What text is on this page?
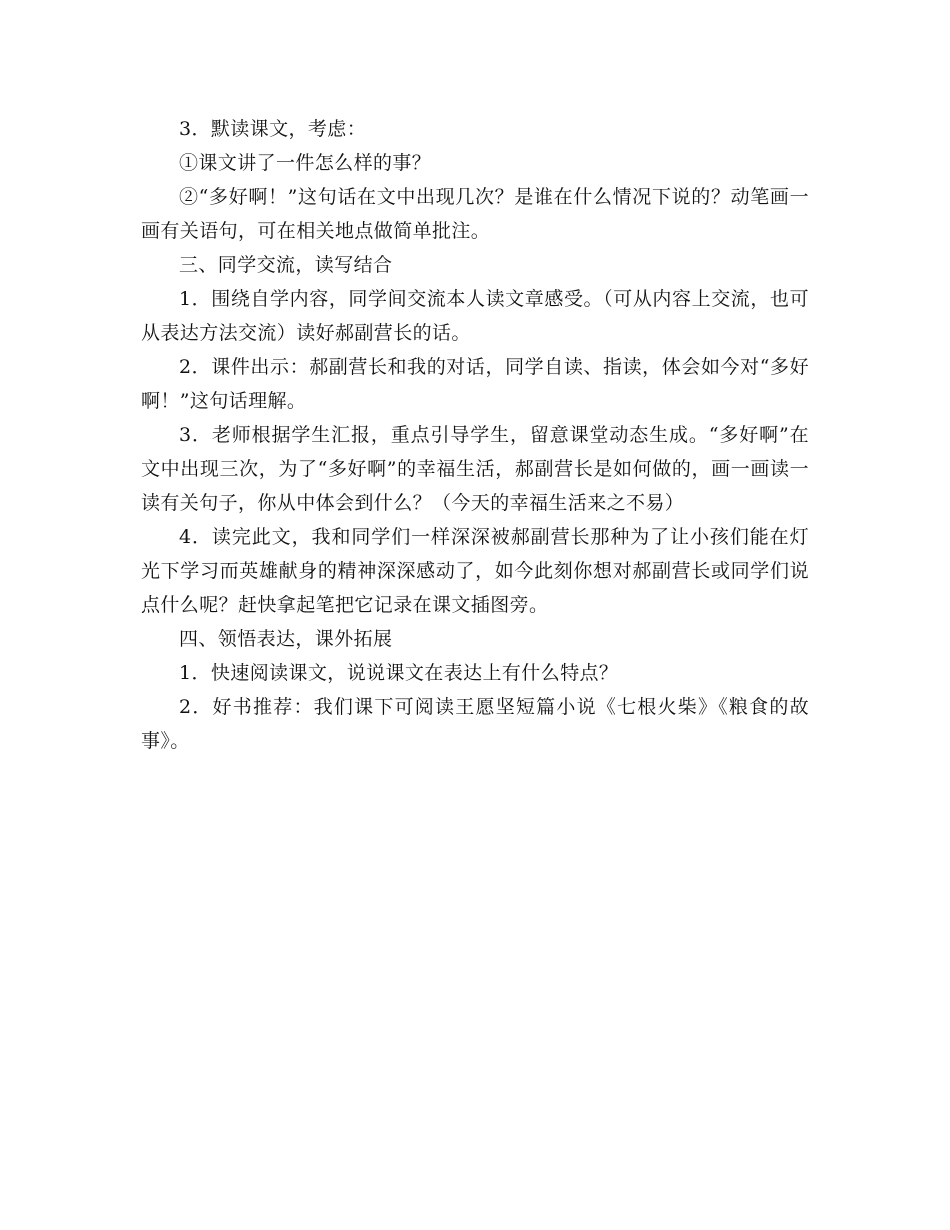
3．默读课文，考虑：

①课文讲了一件怎么样的事？

②“多好啊！”这句话在文中出现几次？是谁在什么情况下说的？动笔画一画有关语句，可在相关地点做简单批注。

三、同学交流，读写结合

1．围绕自学内容，同学间交流本人读文章感受。（可从内容上交流，也可从表达方法交流）读好郝副营长的话。

2．课件出示：郝副营长和我的对话，同学自读、指读，体会如今对“多好啊！”这句话理解。

3．老师根据学生汇报，重点引导学生，留意课堂动态生成。“多好啊”在文中出现三次，为了“多好啊”的幸福生活，郝副营长是如何做的，画一画读一读有关句子，你从中体会到什么？（今天的幸福生活来之不易）

4．读完此文，我和同学们一样深深被郝副营长那种为了让小孩们能在灯光下学习而英雄献身的精神深深感动了，如今此刻你想对郝副营长或同学们说点什么呢？赶快拿起笔把它记录在课文插图旁。

四、领悟表达，课外拓展

1．快速阅读课文，说说课文在表达上有什么特点？

2．好书推荐：我们课下可阅读王愿坚短篇小说《七根火柴》《粮食的故事》。
